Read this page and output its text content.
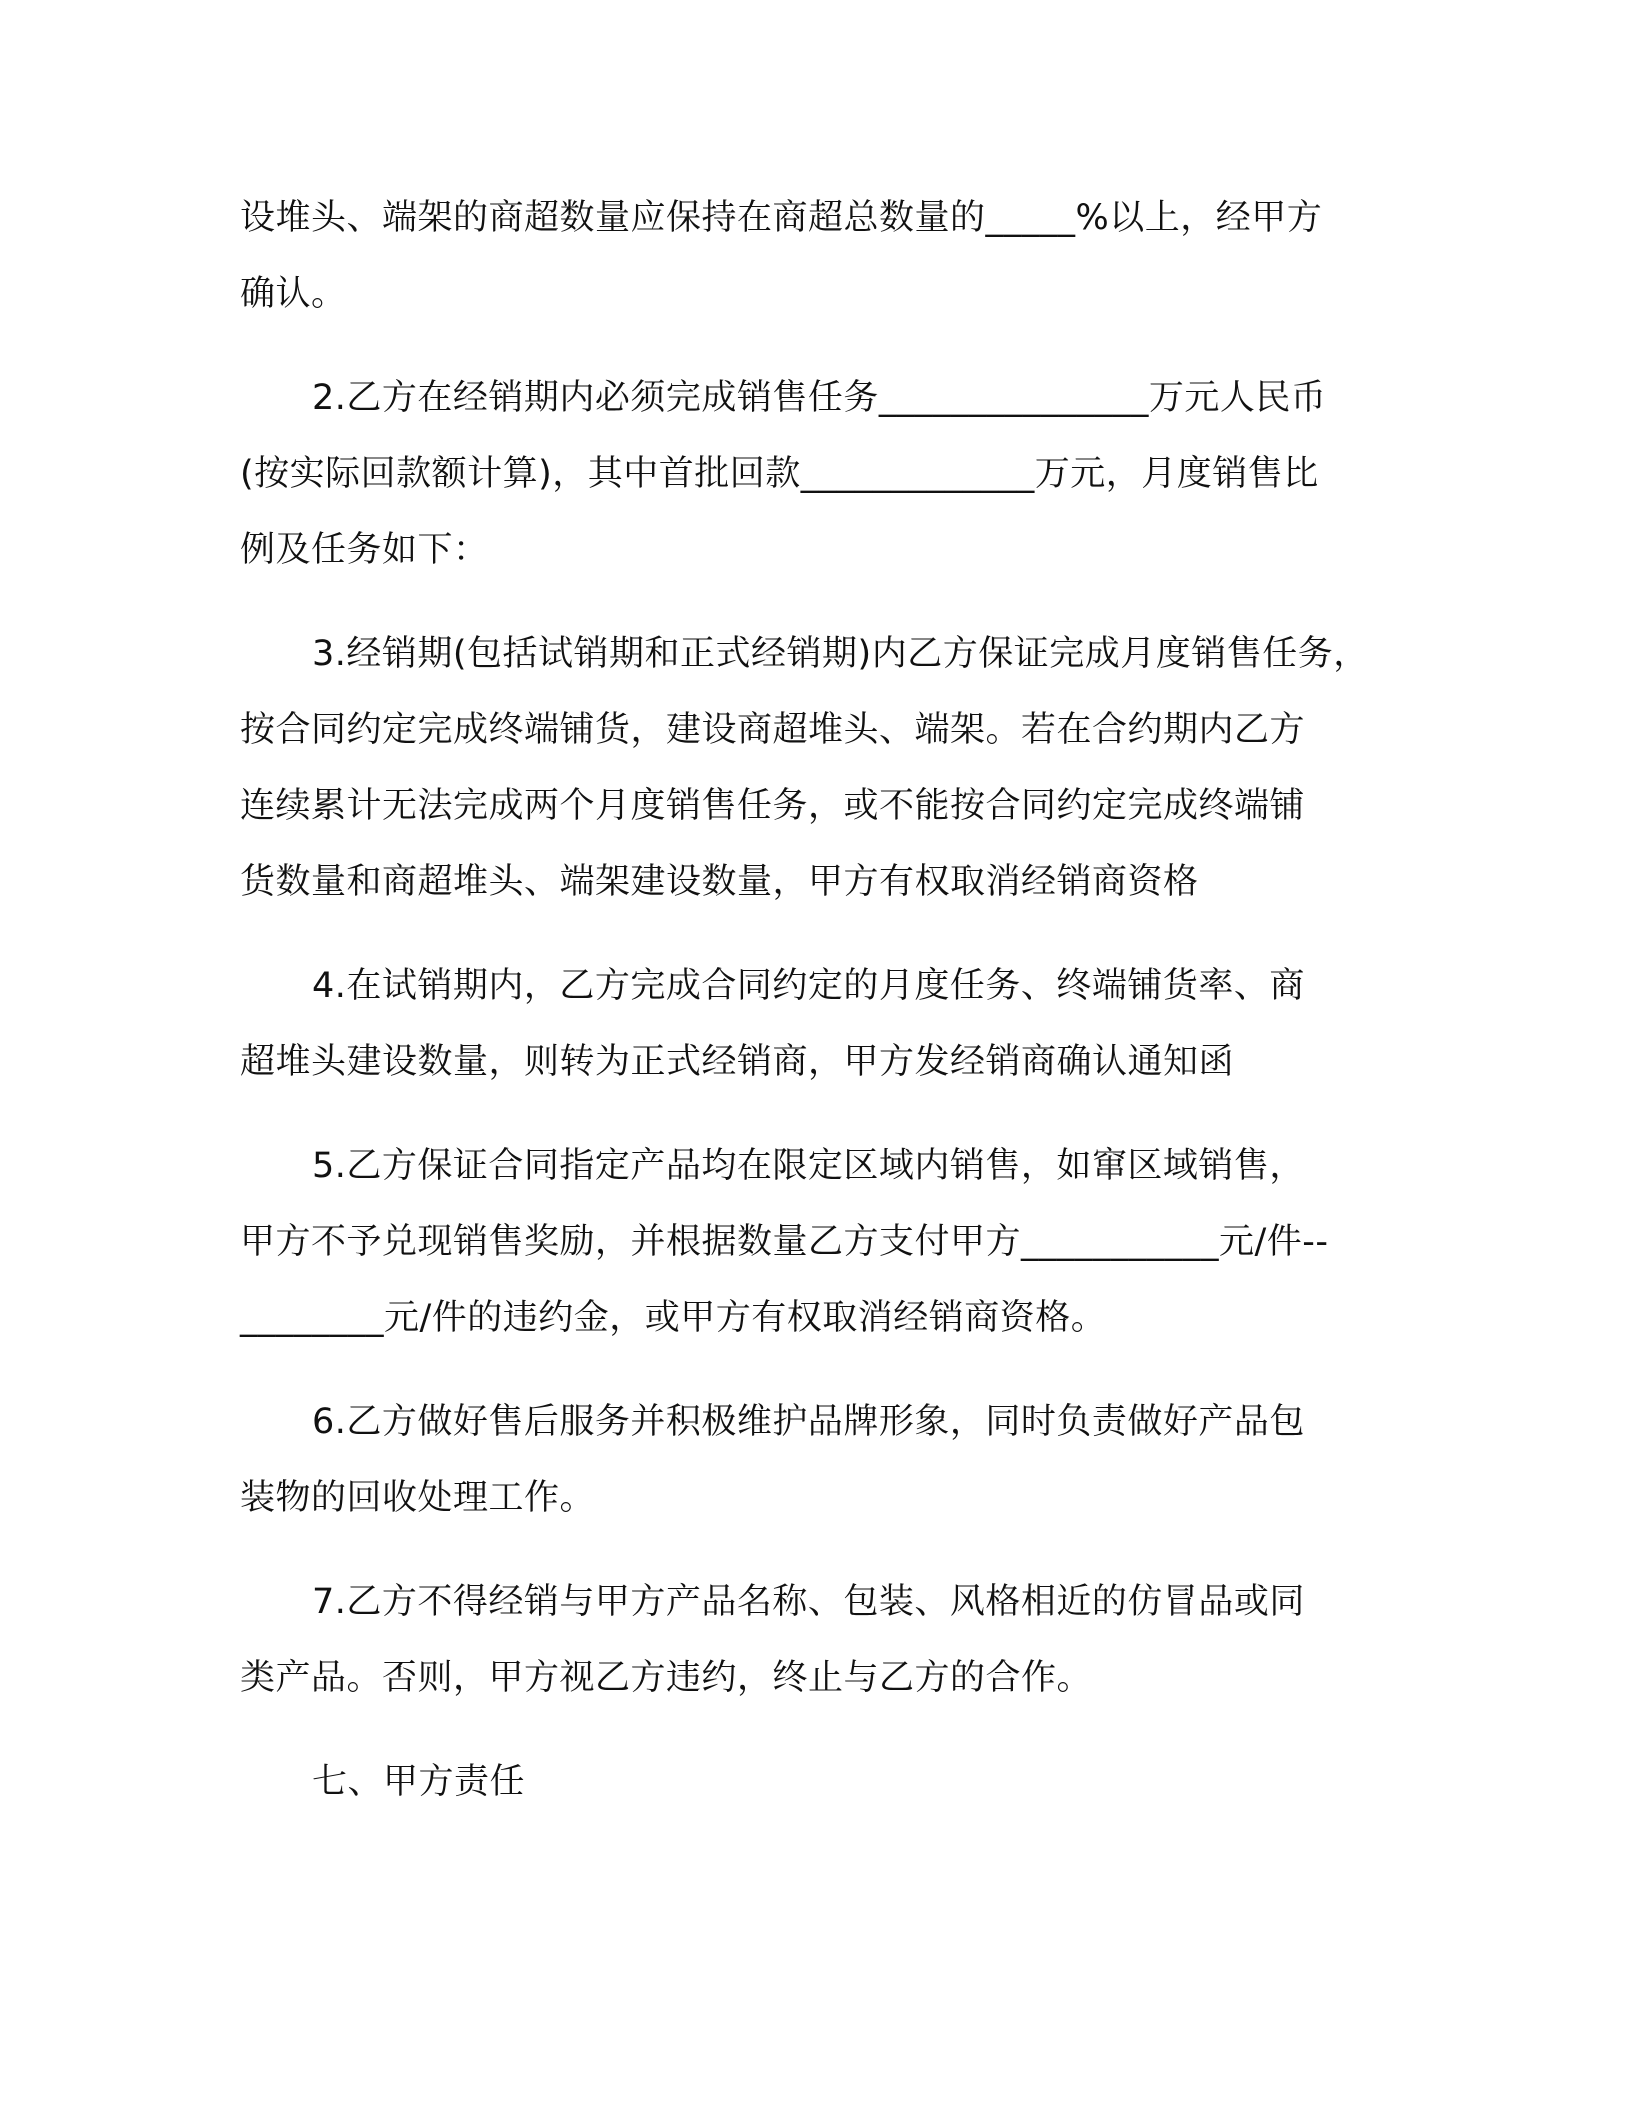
设堆头、端架的商超数量应保持在商超总数量的_____%以上，经甲方
确认。
2.乙方在经销期内必须完成销售任务_______________万元人民币
(按实际回款额计算)，其中首批回款_____________万元，月度销售比
例及任务如下：
3.经销期(包括试销期和正式经销期)内乙方保证完成月度销售任务，
按合同约定完成终端铺货，建设商超堆头、端架。若在合约期内乙方
连续累计无法完成两个月度销售任务，或不能按合同约定完成终端铺
货数量和商超堆头、端架建设数量，甲方有权取消经销商资格
4.在试销期内，乙方完成合同约定的月度任务、终端铺货率、商
超堆头建设数量，则转为正式经销商，甲方发经销商确认通知函
5.乙方保证合同指定产品均在限定区域内销售，如窜区域销售，
甲方不予兑现销售奖励，并根据数量乙方支付甲方___________元/件--
________元/件的违约金，或甲方有权取消经销商资格。
6.乙方做好售后服务并积极维护品牌形象，同时负责做好产品包
装物的回收处理工作。
7.乙方不得经销与甲方产品名称、包装、风格相近的仿冒品或同
类产品。否则，甲方视乙方违约，终止与乙方的合作。
七、甲方责任
